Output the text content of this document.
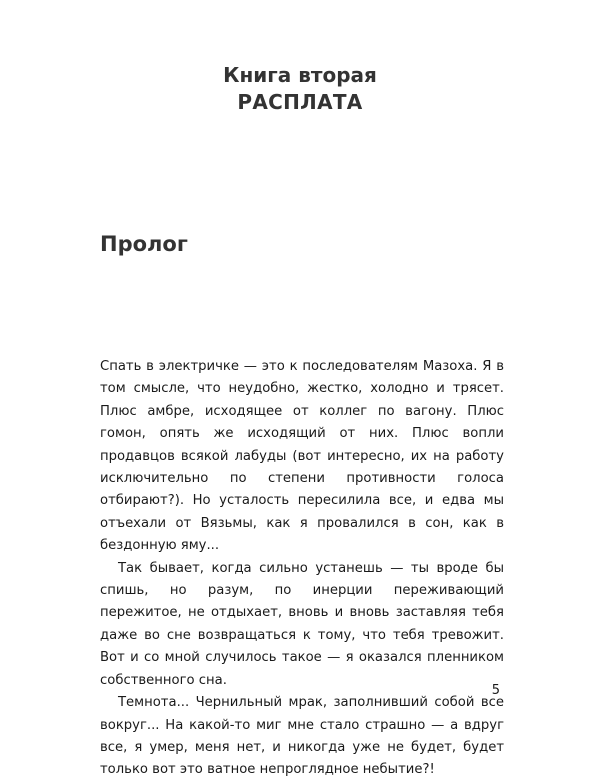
Книга вторая
РАСПЛАТА
Пролог

Спать в электричке — это к последователям Мазоха. Я в том смысле, что неудобно, жестко, холодно и трясет. Плюс амбре, исходящее от коллег по вагону. Плюс гомон, опять же исходящий от них. Плюс вопли продавцов всякой лабуды (вот интересно, их на работу исключительно по степени противности голоса отбирают?). Но усталость пересилила все, и едва мы отъехали от Вязьмы, как я провалился в сон, как в бездонную яму...

Так бывает, когда сильно устанешь — ты вроде бы спишь, но разум, по инерции переживающий пережитое, не отдыхает, вновь и вновь заставляя тебя даже во сне возвращаться к тому, что тебя тревожит. Вот и со мной случилось такое — я оказался пленником собственного сна.

Темнота... Чернильный мрак, заполнивший собой все вокруг... На какой-то миг мне стало страшно — а вдруг все, я умер, меня нет, и никогда уже не будет, будет только вот это ватное непроглядное небытие?!

5
